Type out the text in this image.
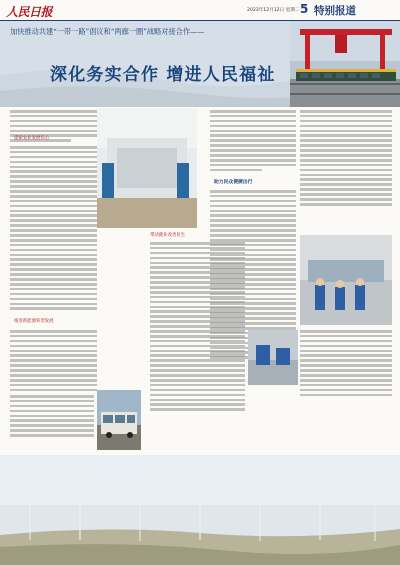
人民日报	2023年12月12日 星期二 5 特别报道
加快推动共建“一带一路”倡议和“两廊一圈”战略对接合作——
深化务实合作 增进人民福祉
提振农业发展信心
推进新能源转型发展
带动就业改善民生
助力民众便捷出行
